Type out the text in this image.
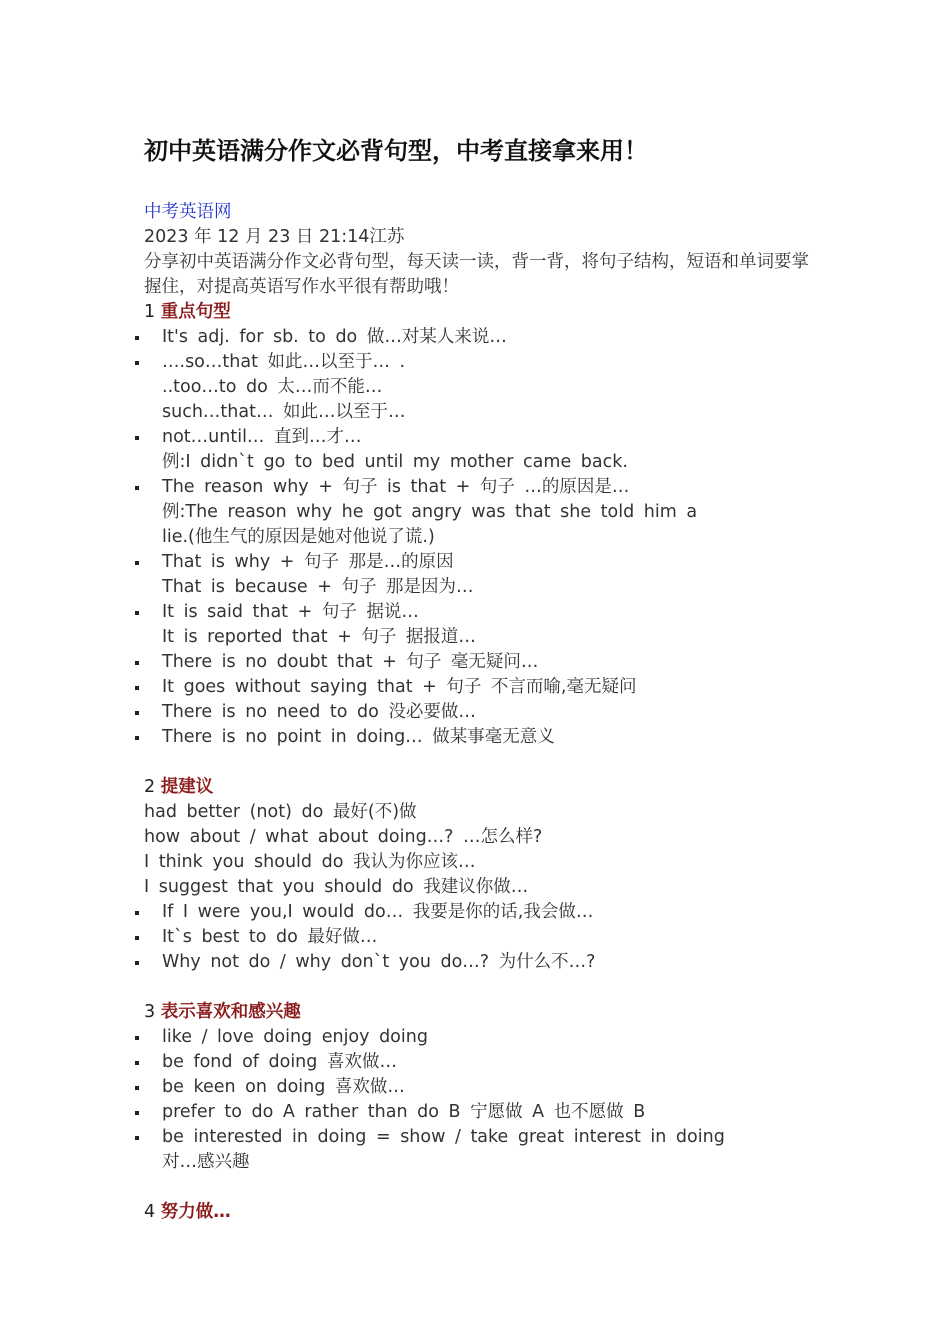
初中英语满分作文必背句型，中考直接拿来用！
中考英语网
2023 年 12 月 23 日 21:14江苏
分享初中英语满分作文必背句型，每天读一读，背一背，将句子结构，短语和单词要掌握住，对提高英语写作水平很有帮助哦！
1 重点句型
It's adj. for sb. to do 做…对某人来说…
….so…that 如此…以至于… .
..too…to do 太…而不能…
such…that… 如此…以至于…
not…until… 直到…才…
例:I didn`t go to bed until my mother came back.
The reason why + 句子 is that + 句子 …的原因是…
例:The reason why he got angry was that she told him a
lie.(他生气的原因是她对他说了谎.)
That is why + 句子 那是…的原因
That is because + 句子 那是因为…
It is said that + 句子 据说…
It is reported that + 句子 据报道…
There is no doubt that + 句子 毫无疑问…
It goes without saying that + 句子 不言而喻,毫无疑问
There is no need to do 没必要做…
There is no point in doing… 做某事毫无意义
2 提建议
had better (not) do 最好(不)做
how about / what about doing…? …怎么样?
I think you should do 我认为你应该…
I suggest that you should do 我建议你做…
If I were you,I would do… 我要是你的话,我会做…
It`s best to do 最好做…
Why not do / why don`t you do…? 为什么不…?
3 表示喜欢和感兴趣
like / love doing enjoy doing
be fond of doing 喜欢做…
be keen on doing 喜欢做…
prefer to do A rather than do B 宁愿做 A 也不愿做 B
be interested in doing = show / take great interest in doing
对…感兴趣
4 努力做…
